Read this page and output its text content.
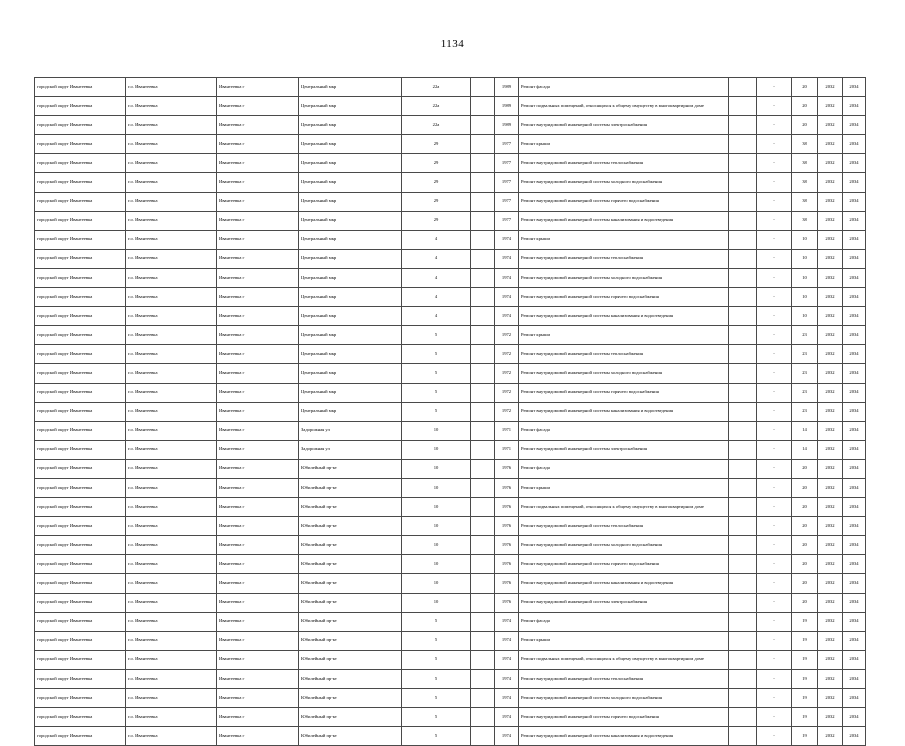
1134
городской округ Ивантеевка	г.о. Ивантеевка	Ивантеевка г	Центральный мкр	22а		1989	Ремонт фасада		-	20	2032	2034
городской округ Ивантеевка	г.о. Ивантеевка	Ивантеевка г	Центральный мкр	22а		1989	Ремонт подвальных помещений, относящихся к общему имуществу в многоквартирном доме		-	20	2032	2034
городской округ Ивантеевка	г.о. Ивантеевка	Ивантеевка г	Центральный мкр	22а		1989	Ремонт внутридомовой инженерной системы электроснабжения		-	20	2032	2034
городской округ Ивантеевка	г.о. Ивантеевка	Ивантеевка г	Центральный мкр	29		1977	Ремонт крыши		-	38	2032	2034
городской округ Ивантеевка	г.о. Ивантеевка	Ивантеевка г	Центральный мкр	29		1977	Ремонт внутридомовой инженерной системы теплоснабжения		-	38	2032	2034
городской округ Ивантеевка	г.о. Ивантеевка	Ивантеевка г	Центральный мкр	29		1977	Ремонт внутридомовой инженерной системы холодного водоснабжения		-	38	2032	2034
городской округ Ивантеевка	г.о. Ивантеевка	Ивантеевка г	Центральный мкр	29		1977	Ремонт внутридомовой инженерной системы горячего водоснабжения		-	38	2032	2034
городской округ Ивантеевка	г.о. Ивантеевка	Ивантеевка г	Центральный мкр	29		1977	Ремонт внутридомовой инженерной системы канализования и водоотведения		-	38	2032	2034
городской округ Ивантеевка	г.о. Ивантеевка	Ивантеевка г	Центральный мкр	4		1974	Ремонт крыши		-	10	2032	2034
городской округ Ивантеевка	г.о. Ивантеевка	Ивантеевка г	Центральный мкр	4		1974	Ремонт внутридомовой инженерной системы теплоснабжения		-	10	2032	2034
городской округ Ивантеевка	г.о. Ивантеевка	Ивантеевка г	Центральный мкр	4		1974	Ремонт внутридомовой инженерной системы холодного водоснабжения		-	10	2032	2034
городской округ Ивантеевка	г.о. Ивантеевка	Ивантеевка г	Центральный мкр	4		1974	Ремонт внутридомовой инженерной системы горячего водоснабжения		-	10	2032	2034
городской округ Ивантеевка	г.о. Ивантеевка	Ивантеевка г	Центральный мкр	4		1974	Ремонт внутридомовой инженерной системы канализования и водоотведения		-	10	2032	2034
городской округ Ивантеевка	г.о. Ивантеевка	Ивантеевка г	Центральный мкр	5		1972	Ремонт крыши		-	23	2032	2034
городской округ Ивантеевка	г.о. Ивантеевка	Ивантеевка г	Центральный мкр	5		1972	Ремонт внутридомовой инженерной системы теплоснабжения		-	23	2032	2034
городской округ Ивантеевка	г.о. Ивантеевка	Ивантеевка г	Центральный мкр	5		1972	Ремонт внутридомовой инженерной системы холодного водоснабжения		-	23	2032	2034
городской округ Ивантеевка	г.о. Ивантеевка	Ивантеевка г	Центральный мкр	5		1972	Ремонт внутридомовой инженерной системы горячего водоснабжения		-	23	2032	2034
городской округ Ивантеевка	г.о. Ивантеевка	Ивантеевка г	Центральный мкр	5		1972	Ремонт внутридомовой инженерной системы канализования и водоотведения		-	23	2032	2034
городской округ Ивантеевка	г.о. Ивантеевка	Ивантеевка г	Задорожная ул	10		1971	Ремонт фасада		-	14	2032	2034
городской округ Ивантеевка	г.о. Ивантеевка	Ивантеевка г	Задорожная ул	10		1971	Ремонт внутридомовой инженерной системы электроснабжения		-	14	2032	2034
городской округ Ивантеевка	г.о. Ивантеевка	Ивантеевка г	Юбилейный пр-кт	10		1976	Ремонт фасада		-	20	2032	2034
городской округ Ивантеевка	г.о. Ивантеевка	Ивантеевка г	Юбилейный пр-кт	10		1976	Ремонт крыши		-	20	2032	2034
городской округ Ивантеевка	г.о. Ивантеевка	Ивантеевка г	Юбилейный пр-кт	10		1976	Ремонт подвальных помещений, относящихся к общему имуществу в многоквартирном доме		-	20	2032	2034
городской округ Ивантеевка	г.о. Ивантеевка	Ивантеевка г	Юбилейный пр-кт	10		1976	Ремонт внутридомовой инженерной системы теплоснабжения		-	20	2032	2034
городской округ Ивантеевка	г.о. Ивантеевка	Ивантеевка г	Юбилейный пр-кт	10		1976	Ремонт внутридомовой инженерной системы холодного водоснабжения		-	20	2032	2034
городской округ Ивантеевка	г.о. Ивантеевка	Ивантеевка г	Юбилейный пр-кт	10		1976	Ремонт внутридомовой инженерной системы горячего водоснабжения		-	20	2032	2034
городской округ Ивантеевка	г.о. Ивантеевка	Ивантеевка г	Юбилейный пр-кт	10		1976	Ремонт внутридомовой инженерной системы канализования и водоотведения		-	20	2032	2034
городской округ Ивантеевка	г.о. Ивантеевка	Ивантеевка г	Юбилейный пр-кт	10		1976	Ремонт внутридомовой инженерной системы электроснабжения		-	20	2032	2034
городской округ Ивантеевка	г.о. Ивантеевка	Ивантеевка г	Юбилейный пр-кт	5		1974	Ремонт фасада		-	19	2032	2034
городской округ Ивантеевка	г.о. Ивантеевка	Ивантеевка г	Юбилейный пр-кт	5		1974	Ремонт крыши		-	19	2032	2034
городской округ Ивантеевка	г.о. Ивантеевка	Ивантеевка г	Юбилейный пр-кт	5		1974	Ремонт подвальных помещений, относящихся к общему имуществу в многоквартирном доме		-	19	2032	2034
городской округ Ивантеевка	г.о. Ивантеевка	Ивантеевка г	Юбилейный пр-кт	5		1974	Ремонт внутридомовой инженерной системы теплоснабжения		-	19	2032	2034
городской округ Ивантеевка	г.о. Ивантеевка	Ивантеевка г	Юбилейный пр-кт	5		1974	Ремонт внутридомовой инженерной системы холодного водоснабжения		-	19	2032	2034
городской округ Ивантеевка	г.о. Ивантеевка	Ивантеевка г	Юбилейный пр-кт	5		1974	Ремонт внутридомовой инженерной системы горячего водоснабжения		-	19	2032	2034
городской округ Ивантеевка	г.о. Ивантеевка	Ивантеевка г	Юбилейный пр-кт	5		1974	Ремонт внутридомовой инженерной системы канализования и водоотведения		-	19	2032	2034
